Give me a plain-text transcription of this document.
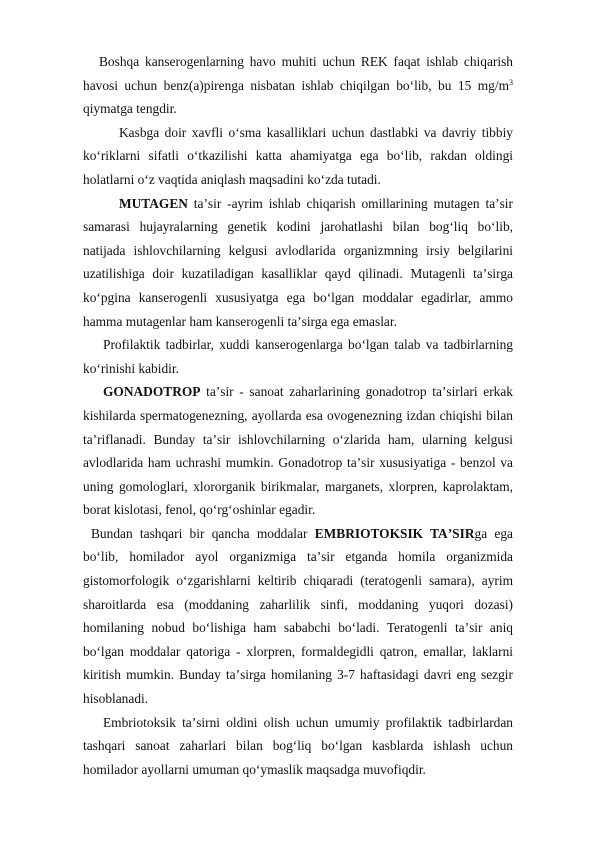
Boshqa kanserogenlarning havo muhiti uchun REK faqat ishlab chiqarish havosi uchun benz(a)pirenga nisbatan ishlab chiqilgan boʻlib, bu 15 $mg/m^3$ qiymatga tengdir.

Kasbga doir xavfli oʻsma kasalliklari uchun dastlabki va davriy tibbiy koʻriklarni sifatli oʻtkazilishi katta ahamiyatga ega boʻlib, rakdan oldingi holatlarni oʻz vaqtida aniqlash maqsadini koʻzda tutadi.

MUTAGEN taʼsir -ayrim ishlab chiqarish omillarining mutagen taʼsir samarasi hujayralarning genetik kodini jarohatlashi bilan bogʻliq boʻlib, natijada ishlovchilarning kelgusi avlodlarida organizmning irsiy belgilarini uzatilishiga doir kuzatiladigan kasalliklar qayd qilinadi. Mutagenli taʼsirga koʻpgina kanserogenli xususiyatga ega boʻlgan moddalar egadirlar, ammo hamma mutagenlar ham kanserogenli taʼsirga ega emaslar.

Profilaktik tadbirlar, xuddi kanserogenlarga boʻlgan talab va tadbirlarning koʻrinishi kabidir.

GONADOTROP taʼsir - sanoat zaharlarining gonadotrop taʼsirlari erkak kishilarda spermatogenezning, ayollarda esa ovogenezning izdan chiqishi bilan taʼriflanadi. Bunday taʼsir ishlovchilarning oʻzlarida ham, ularning kelgusi avlodlarida ham uchrashi mumkin. Gonadotrop taʼsir xususiyatiga - benzol va uning gomologlari, xlororganik birikmalar, marganets, xlorpren, kaprolaktam, borat kislotasi, fenol, qoʻrgʻoshinlar egadir.

Bundan tashqari bir qancha moddalar EMBRIOTOKSIK TAʼSIRga ega boʻlib, homilador ayol organizmiga taʼsir etganda homila organizmida gistomorfologik oʻzgarishlarni keltirib chiqaradi (teratogenli samara), ayrim sharoitlarda esa (moddaning zaharlilik sinfi, moddaning yuqori dozasi) homilaning nobud boʻlishiga ham sababchi boʻladi. Teratogenli taʼsir aniq boʻlgan moddalar qatoriga - xlorpren, formaldegidli qatron, emallar, laklarni kiritish mumkin. Bunday taʼsirga homilaning 3-7 haftasidagi davri eng sezgir hisoblanadi.

Embriotoksik taʼsirni oldini olish uchun umumiy profilaktik tadbirlardan tashqari sanoat zaharlari bilan bogʻliq boʻlgan kasblarda ishlash uchun homilador ayollarni umuman qoʻymaslik maqsadga muvofiqdir.
